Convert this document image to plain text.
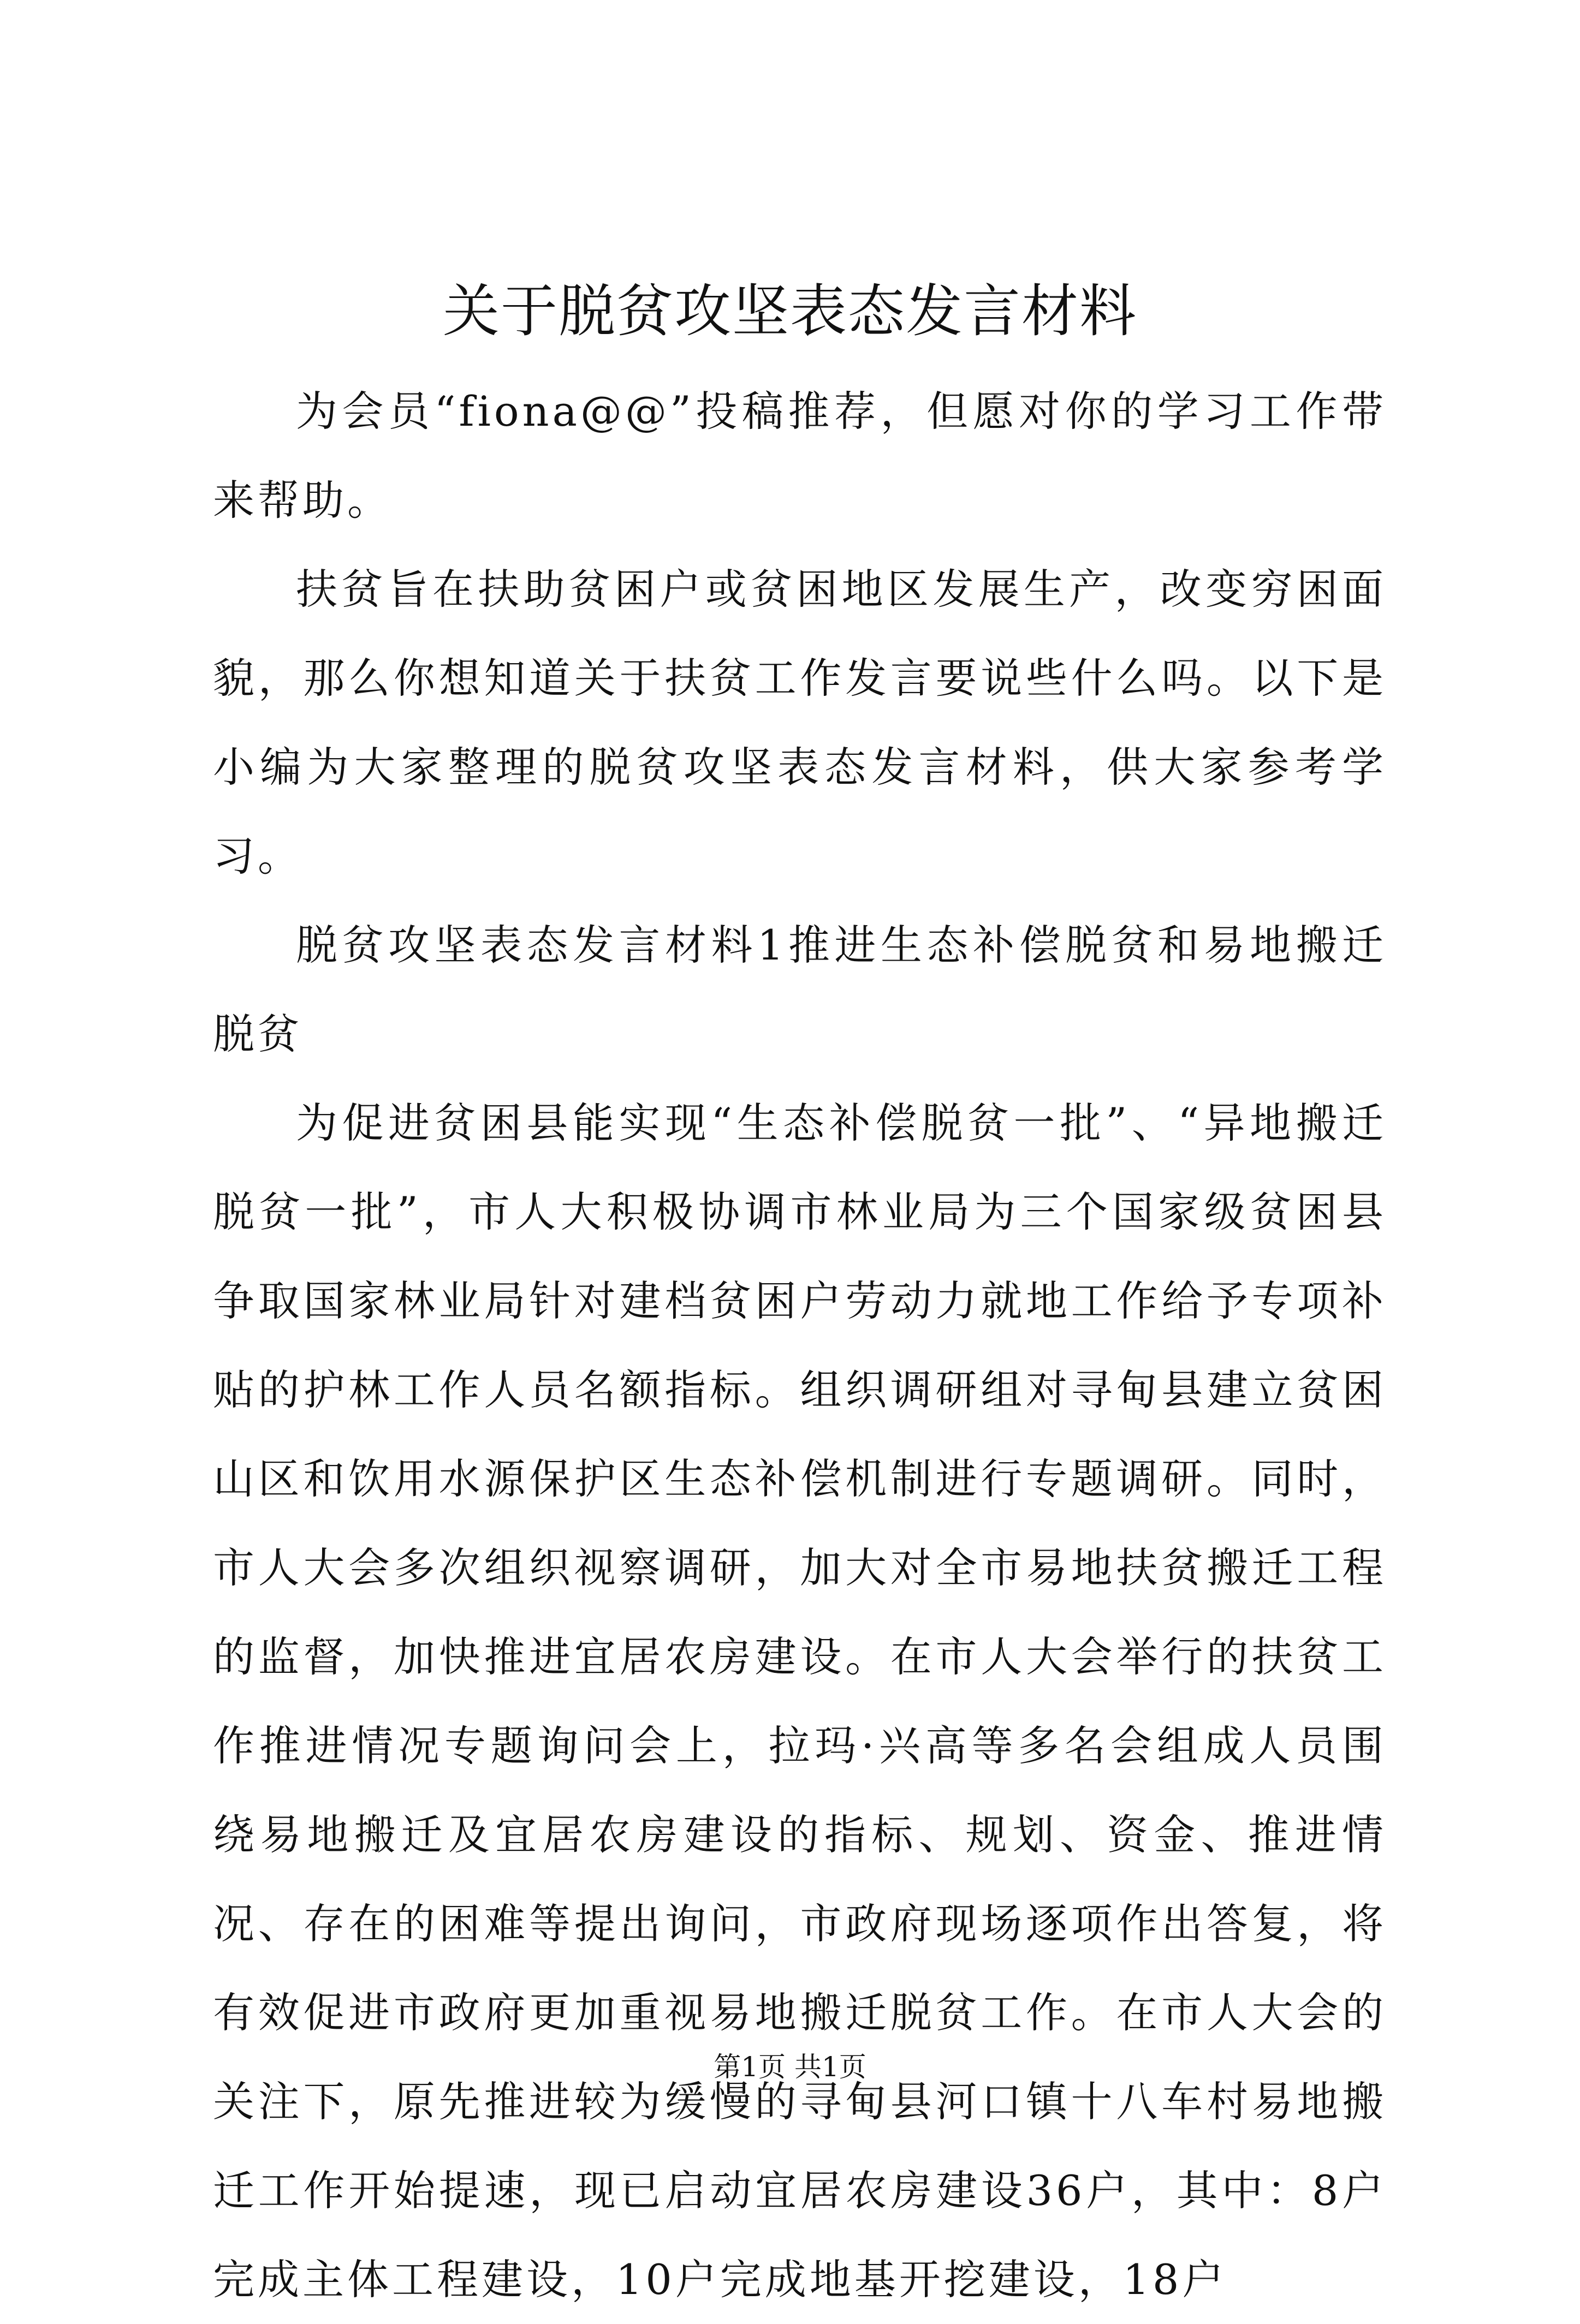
关于脱贫攻坚表态发言材料

为会员“fiona@@”投稿推荐，但愿对你的学习工作带来帮助。

扶贫旨在扶助贫困户或贫困地区发展生产，改变穷困面貌，那么你想知道关于扶贫工作发言要说些什么吗。以下是小编为大家整理的脱贫攻坚表态发言材料，供大家参考学习。

脱贫攻坚表态发言材料1推进生态补偿脱贫和易地搬迁脱贫

为促进贫困县能实现“生态补偿脱贫一批”、“异地搬迁脱贫一批”，市人大积极协调市林业局为三个国家级贫困县争取国家林业局针对建档贫困户劳动力就地工作给予专项补贴的护林工作人员名额指标。组织调研组对寻甸县建立贫困山区和饮用水源保护区生态补偿机制进行专题调研。同时，市人大会多次组织视察调研，加大对全市易地扶贫搬迁工程的监督，加快推进宜居农房建设。在市人大会举行的扶贫工作推进情况专题询问会上，拉玛·兴高等多名会组成人员围绕易地搬迁及宜居农房建设的指标、规划、资金、推进情况、存在的困难等提出询问，市政府现场逐项作出答复，将有效促进市政府更加重视易地搬迁脱贫工作。在市人大会的关注下，原先推进较为缓慢的寻甸县河口镇十八车村易地搬迁工作开始提速，现已启动宜居农房建设36户，其中：8户完成主体工程建设，10户完成地基开挖建设，18户

第1页 共1页
